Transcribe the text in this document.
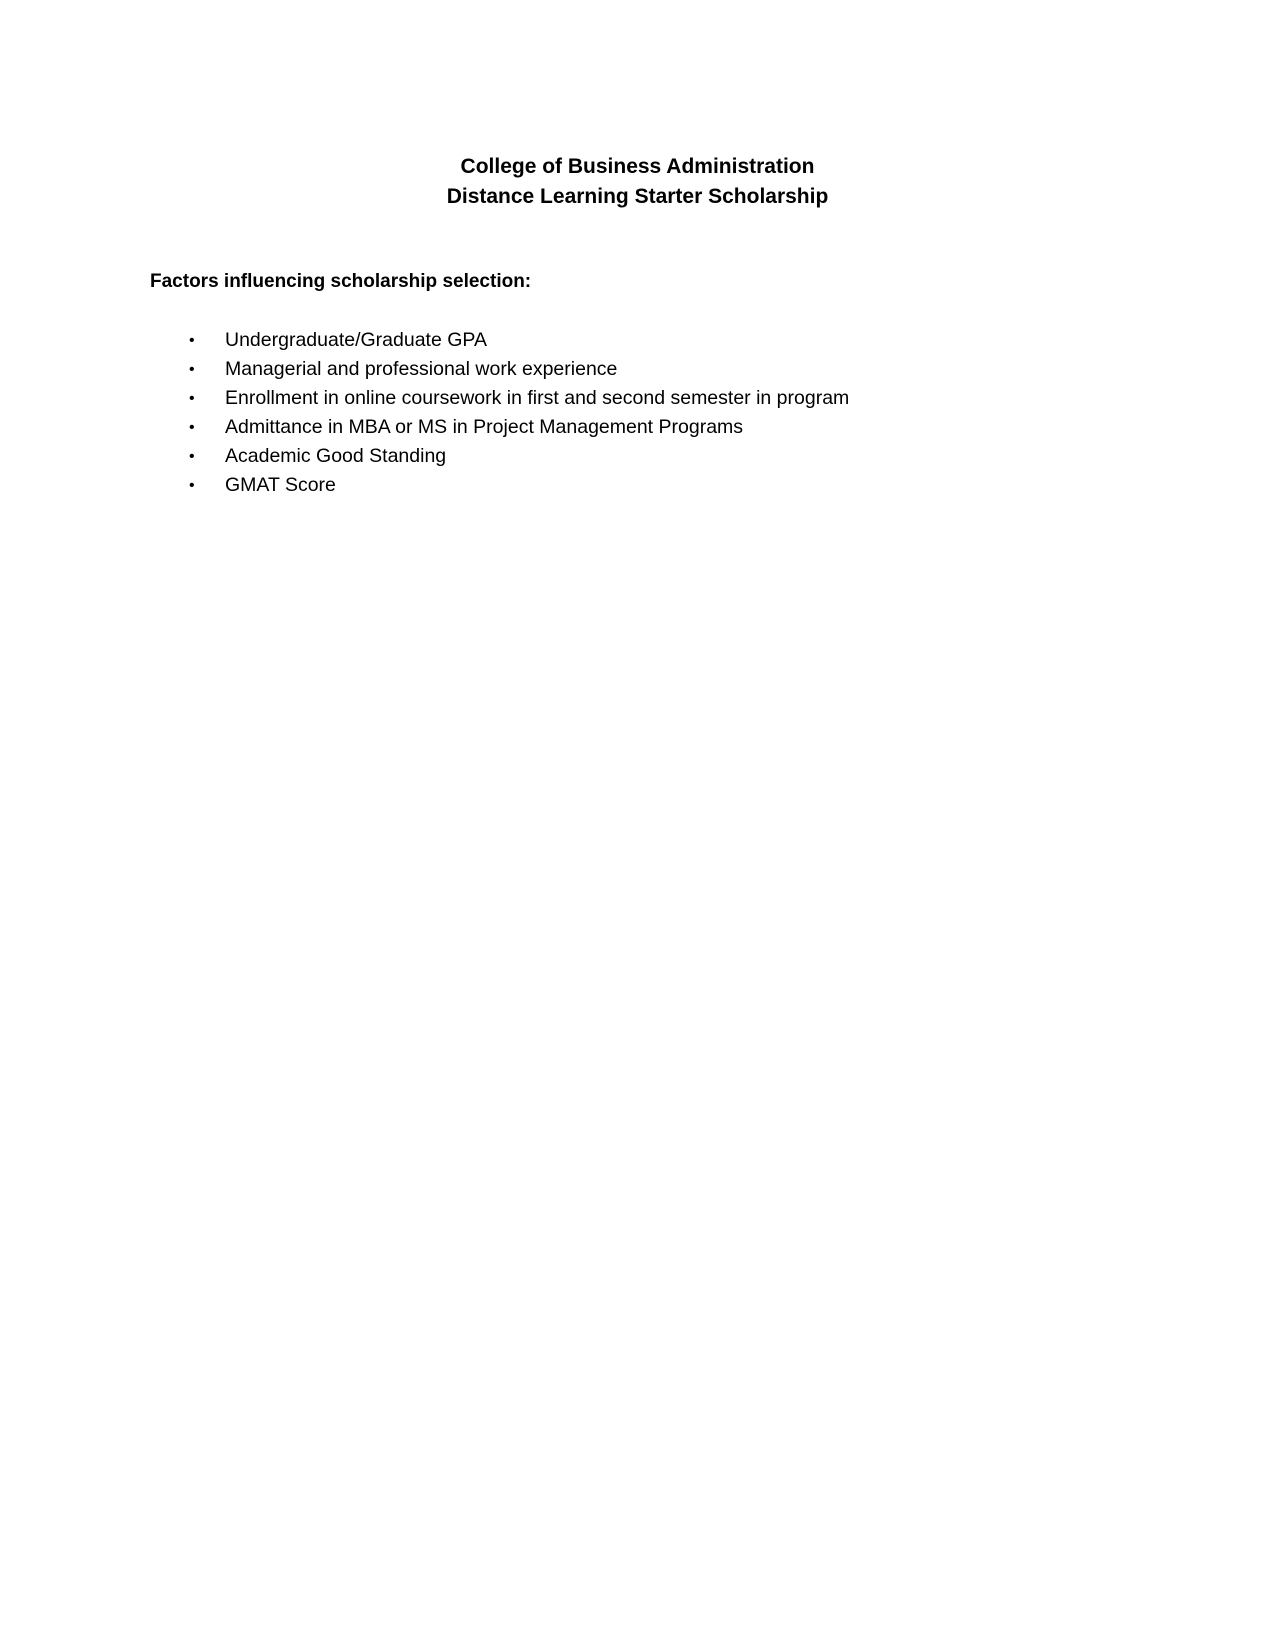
College of Business Administration

Distance Learning Starter Scholarship

Factors influencing scholarship selection:

• Undergraduate/Graduate GPA
• Managerial and professional work experience
• Enrollment in online coursework in first and second semester in program
• Admittance in MBA or MS in Project Management Programs
• Academic Good Standing
• GMAT Score
